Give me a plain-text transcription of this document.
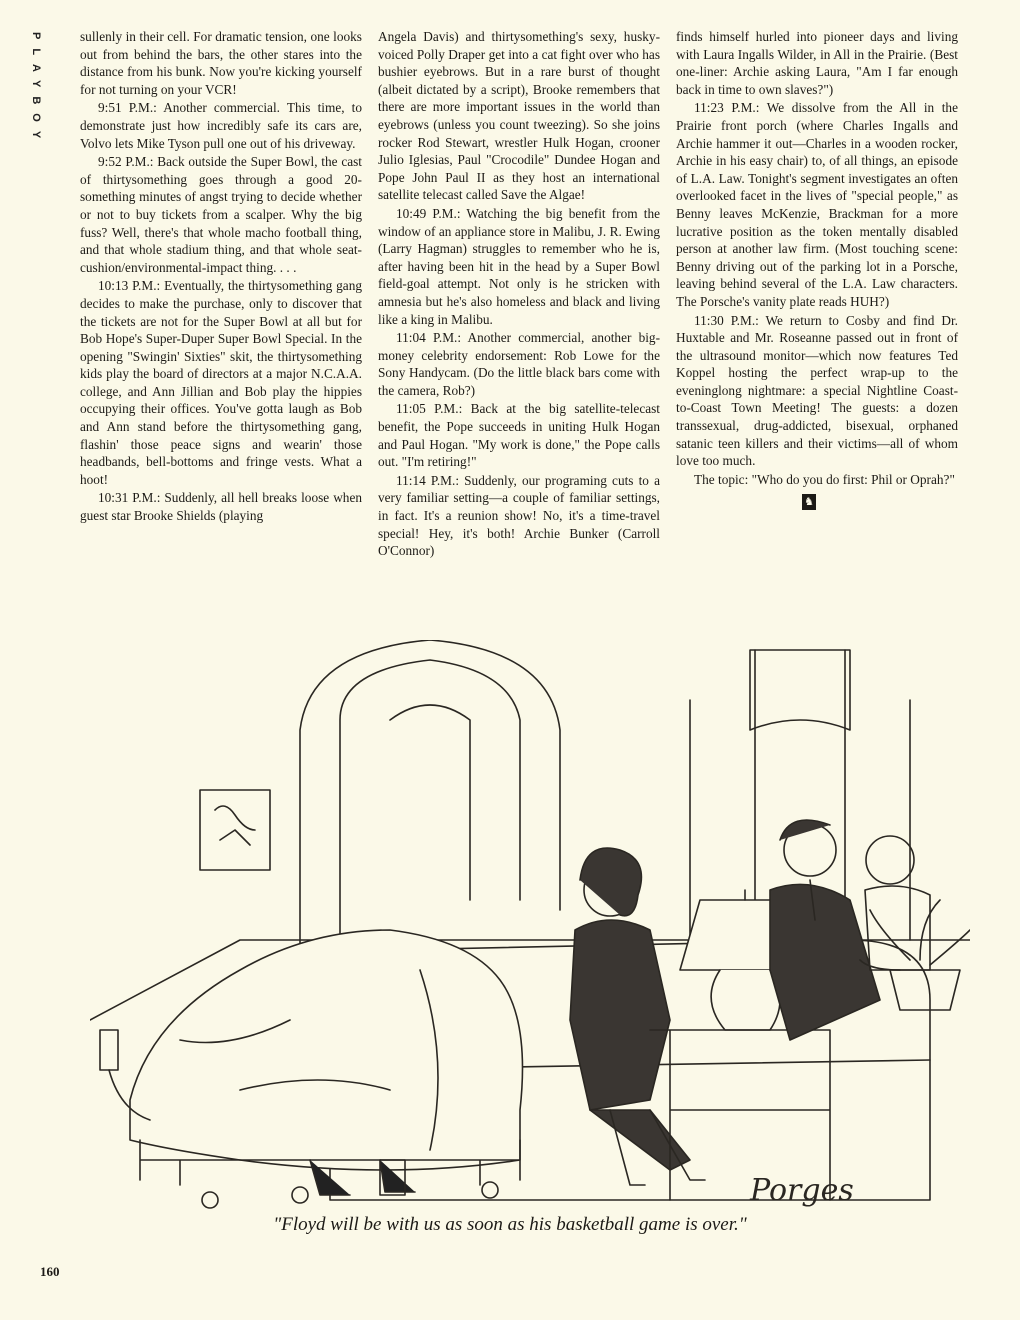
PLAYBOY	sullenly in their cell. For dramatic tension, one looks out from behind the bars, the other stares into the distance from his bunk. Now you're kicking yourself for not turning on your VCR!

9:51 P.M.: Another commercial. This time, to demonstrate just how incredibly safe its cars are, Volvo lets Mike Tyson pull one out of his driveway.

9:52 P.M.: Back outside the Super Bowl, the cast of thirtysomething goes through a good 20-something minutes of angst trying to decide whether or not to buy tickets from a scalper. Why the big fuss? Well, there's that whole macho football thing, and that whole stadium thing, and that whole seat-cushion/environmental-impact thing. . . .

10:13 P.M.: Eventually, the thirtysomething gang decides to make the purchase, only to discover that the tickets are not for the Super Bowl at all but for Bob Hope's Super-Duper Super Bowl Special. In the opening "Swingin' Sixties" skit, the thirtysomething kids play the board of directors at a major N.C.A.A. college, and Ann Jillian and Bob play the hippies occupying their offices. You've gotta laugh as Bob and Ann stand before the thirtysomething gang, flashin' those peace signs and wearin' those headbands, bell-bottoms and fringe vests. What a hoot!

10:31 P.M.: Suddenly, all hell breaks loose when guest star Brooke Shields (playing

Angela Davis) and thirtysomething's sexy, husky-voiced Polly Draper get into a cat fight over who has bushier eyebrows. But in a rare burst of thought (albeit dictated by a script), Brooke remembers that there are more important issues in the world than eyebrows (unless you count tweezing). So she joins rocker Rod Stewart, wrestler Hulk Hogan, crooner Julio Iglesias, Paul "Crocodile" Dundee Hogan and Pope John Paul II as they host an international satellite telecast called Save the Algae!

10:49 P.M.: Watching the big benefit from the window of an appliance store in Malibu, J. R. Ewing (Larry Hagman) struggles to remember who he is, after having been hit in the head by a Super Bowl field-goal attempt. Not only is he stricken with amnesia but he's also homeless and black and living like a king in Malibu.

11:04 P.M.: Another commercial, another big-money celebrity endorsement: Rob Lowe for the Sony Handycam. (Do the little black bars come with the camera, Rob?)

11:05 P.M.: Back at the big satellite-telecast benefit, the Pope succeeds in uniting Hulk Hogan and Paul Hogan. "My work is done," the Pope calls out. "I'm retiring!"

11:14 P.M.: Suddenly, our programing cuts to a very familiar setting—a couple of familiar settings, in fact. It's a reunion show! No, it's a time-travel special! Hey, it's both! Archie Bunker (Carroll O'Connor)

finds himself hurled into pioneer days and living with Laura Ingalls Wilder, in All in the Prairie. (Best one-liner: Archie asking Laura, "Am I far enough back in time to own slaves?")

11:23 P.M.: We dissolve from the All in the Prairie front porch (where Charles Ingalls and Archie hammer it out—Charles in a wooden rocker, Archie in his easy chair) to, of all things, an episode of L.A. Law. Tonight's segment investigates an often overlooked facet in the lives of "special people," as Benny leaves McKenzie, Brackman for a more lucrative position as the token mentally disabled person at another law firm. (Most touching scene: Benny driving out of the parking lot in a Porsche, leaving behind several of the L.A. Law characters. The Porsche's vanity plate reads HUH?)

11:30 P.M.: We return to Cosby and find Dr. Huxtable and Mr. Roseanne passed out in front of the ultrasound monitor—which now features Ted Koppel hosting the perfect wrap-up to the eveninglong nightmare: a special Nightline Coast-to-Coast Town Meeting! The guests: a dozen transsexual, drug-addicted, bisexual, orphaned satanic teen killers and their victims—all of whom love too much.

The topic: "Who do you do first: Phil or Oprah?"

♞
Porges
"Floyd will be with us as soon as his basketball game is over."
160
